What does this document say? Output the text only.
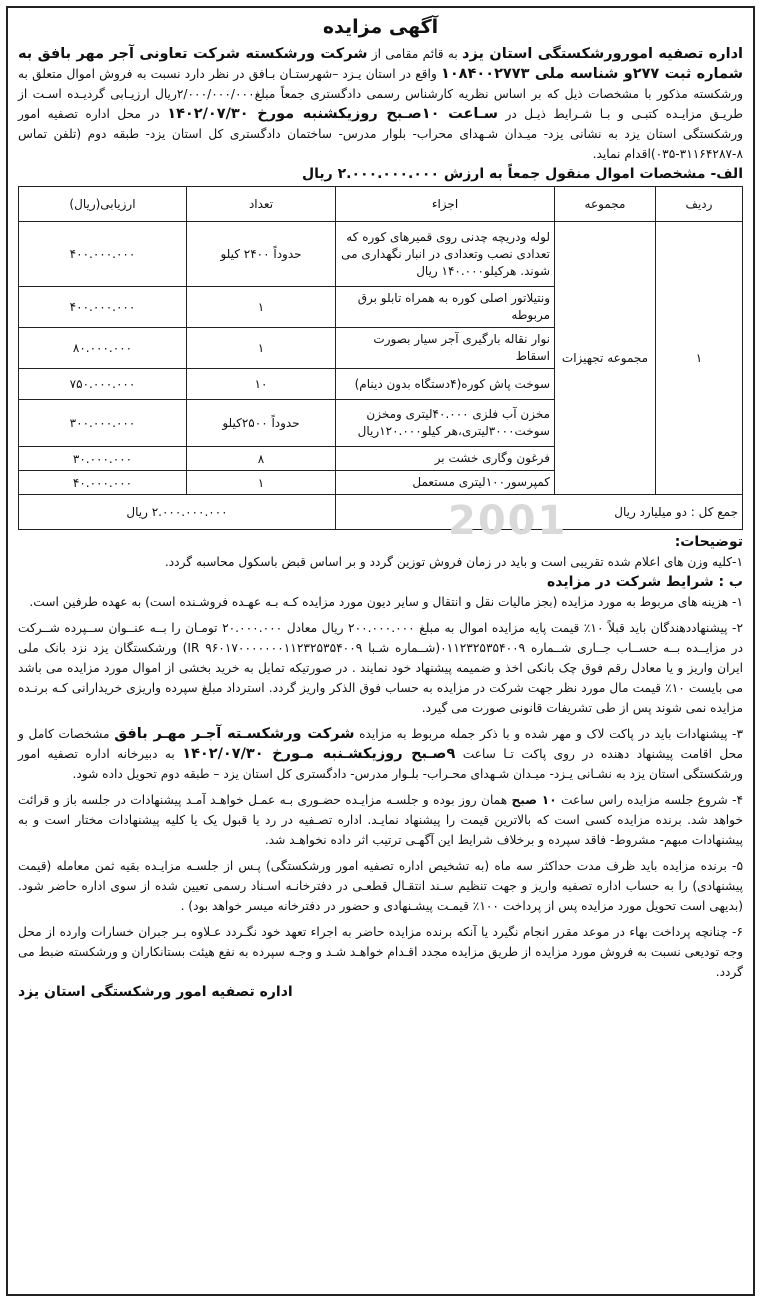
2001
آگهی مزایده

اداره تصفیه امورورشکستگی استان یزد به قائم مقامی از شرکت ورشکسته شرکت تعاونی آجر مهر بافق به شماره ثبت ۲۷۷و شناسه ملی ۱۰۸۴۰۰۲۷۷۳ واقع در استان یـزد –شهرستـان بـافق در نظر دارد نسبت به فروش اموال متعلق به ورشکسته مذکور با مشخصات ذیل که بر اساس نظریه کارشناس رسمی دادگستری جمعاً مبلغ۲/۰۰۰/۰۰۰/۰۰۰ریال ارزیـابی گردیـده اسـت از طریـق مزایـده کتبـی و بـا شـرایط ذیـل در سـاعت ۱۰صـبح روزیکشنبه مورخ ۱۴۰۲/۰۷/۳۰ در محل اداره تصفیه امور ورشکستگی استان یزد به نشانی یزد- میـدان شـهدای محراب- بلوار مدرس- ساختمان دادگستری کل استان یزد- طبقه دوم (تلفن تماس ۸-۳۱۱۶۴۲۸۷-۰۳۵)اقدام نماید.

الف- مشخصات اموال منقول جمعاً به ارزش ۲.۰۰۰.۰۰۰.۰۰۰ ریال
ردیف	مجموعه	اجزاء	تعداد	ارزیابی(ریال)
۱	مجموعه تجهیزات	لوله ودریچه چدنی روی قمیرهای کوره که تعدادی نصب وتعدادی در انبار نگهداری می شوند. هرکیلو۱۴۰.۰۰۰ ریال	حدوداً ۲۴۰۰ کیلو	۴۰۰.۰۰۰.۰۰۰
		ونتیلاتور اصلی کوره به همراه تابلو برق مربوطه	۱	۴۰۰.۰۰۰.۰۰۰
		نوار نقاله بارگیری آجر سیار بصورت اسقاط	۱	۸۰.۰۰۰.۰۰۰
		سوخت پاش کوره(۴دستگاه بدون دینام)	۱۰	۷۵۰.۰۰۰.۰۰۰
		مخزن آب فلزی ۴۰.۰۰۰لیتری ومخزن سوخت۳۰۰۰لیتری،هر کیلو۱۲۰.۰۰۰ریال	حدوداً ۲۵۰۰کیلو	۳۰۰.۰۰۰.۰۰۰
		فرغون وگاری خشت بر	۸	۳۰.۰۰۰.۰۰۰
		کمپرسور۱۰۰لیتری مستعمل	۱	۴۰.۰۰۰.۰۰۰
جمع کل : دو میلیارد ریال			۲.۰۰۰.۰۰۰.۰۰۰ ریال	
توضیحات:

۱-کلیه وزن های اعلام شده تقریبی است و باید در زمان فروش توزین گردد و بر اساس قبض باسکول محاسبه گردد.

ب : شرایط شرکت در مزایده

۱- هزینه های مربوط به مورد مزایده (بجز مالیات نقل و انتقال و سایر دیون مورد مزایده کـه بـه عهـده فروشـنده است) به عهده طرفین است.

۲- پیشنهاددهندگان باید قبلاً ۱۰٪ قیمت پایه مزایده اموال به مبلغ ۲۰۰.۰۰۰.۰۰۰ ریال معادل ۲۰.۰۰۰.۰۰۰ تومـان را بــه عنــوان ســپرده شــرکت در مزایــده بــه حســاب جــاری شــماره ۰۱۱۲۳۲۵۳۵۴۰۰۹(شــماره شـبا IR ۹۶۰۱۷۰۰۰۰۰۰۰۱۱۲۳۲۵۳۵۴۰۰۹) ورشکستگان یزد نزد بانک ملی ایران واریز و یا معادل رقم فوق چک بانکی اخذ و ضمیمه پیشنهاد خود نمایند . در صورتیکه تمایل به خرید بخشی از اموال مورد مزایده می باشد می بایست ۱۰٪ قیمت مال مورد نظر جهت شرکت در مزایده به حساب فوق الذکر واریز گردد. استرداد مبلغ سپرده واریزی خریدارانی کـه برنـده مزایده نمی شوند پس از طی تشریفات قانونی صورت می گیرد.

۳- پیشنهادات باید در پاکت لاک و مهر شده و با ذکر جمله مربوط به مزایده شرکت ورشکسـته آجـر مهـر بافق مشخصات کامل و محل اقامت پیشنهاد دهنده در روی پاکت تـا ساعت ۹صـبح روزیکشـنبه مـورخ ۱۴۰۲/۰۷/۳۰ به دبیرخانه اداره تصفیه امور ورشکستگی استان یزد به نشـانی یـزد- میـدان شـهدای محـراب- بلـوار مدرس- دادگستری کل استان یزد – طبقه دوم تحویل داده شود.

۴- شروع جلسه مزایده راس ساعت ۱۰ صبح همان روز بوده و جلسـه مزایـده حضـوری بـه عمـل خواهـد آمـد پیشنهادات در جلسه باز و قرائت خواهد شد. برنده مزایده کسی است که بالاترین قیمت را پیشنهاد نمایـد. اداره تصـفیه در رد یا قبول یک یا کلیه پیشنهادات مختار است و به پیشنهادات مبهم- مشروط- فاقد سپرده و برخلاف شرایط این آگهـی ترتیب اثر داده نخواهـد شد.

۵- برنده مزایده باید ظرف مدت حداکثر سه ماه (به تشخیص اداره تصفیه امور ورشکستگی) پـس از جلسـه مزایـده بقیه ثمن معامله (قیمت پیشنهادی) را به حساب اداره تصفیه واریز و جهت تنظیم سـند انتقـال قطعـی در دفترخانـه اسـناد رسمی تعیین شده از سوی اداره حاضر شود. (بدیهی است تحویل مورد مزایده پس از پرداخت ۱۰۰٪ قیمـت پیشـنهادی و حضور در دفترخانه میسر خواهد بود) .

۶- چنانچه پرداخت بهاء در موعد مقرر انجام نگیرد یا آنکه برنده مزایده حاضر به اجراء تعهد خود نگـردد عـلاوه بـر جبران خسارات وارده از محل وجه تودیعی نسبت به فروش مورد مزایده از طریق مزایده مجدد اقـدام خواهـد شـد و وجـه سپرده به نفع هیئت بستانکاران و ورشکسته ضبط می گردد.

اداره تصفیه امور ورشکستگی استان یزد
